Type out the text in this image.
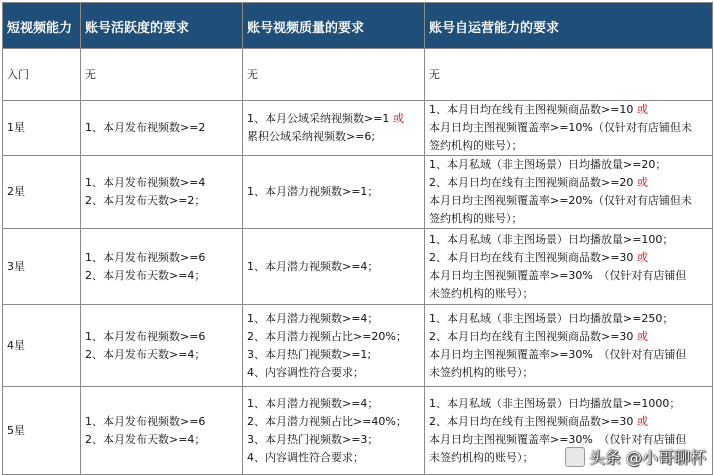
短视频能力	账号活跃度的要求	账号视频质量的要求	账号自运营能力的要求
入门	无	无	无

1星	1、本月发布视频数>=2	1、本月公域采纳视频数>=1 或
累积公域采纳视频数>=6;	1、本月日均在线有主图视频商品数>=10 或
本月日均主图视频覆盖率>=10%（仅针对有店铺但未
签约机构的账号）；

2星	1、本月发布视频数>=4
2、本月发布天数>=2；	1、本月潜力视频数>=1；	1、本月私域（非主图场景）日均播放量>=20；
2、本月日均在线有主图视频商品数>=20 或
本月日均主图视频覆盖率>=20%（仅针对有店铺但未
签约机构的账号）；

3星	1、本月发布视频数>=6
2、本月发布天数>=4；	1、本月潜力视频数>=4；	1、本月私域（非主图场景）日均播放量>=100；
2、本月日均在线有主图视频商品数>=30 或
本月日均主图视频覆盖率>=30%　（仅针对有店铺但
未签约机构的账号）；

4星	1、本月发布视频数>=6
2、本月发布天数>=4；	1、本月潜力视频数>=4；
2、本月潜力视频占比>=20%；
3、本月热门视频数>=1;
4、内容调性符合要求；	1、本月私域（非主图场景）日均播放量>=250；
2、本月日均在线有主图视频商品数>=30 或
本月日均主图视频覆盖率>=30%　（仅针对有店铺但
未签约机构的账号）；

5星	1、本月发布视频数>=6
2、本月发布天数>=4；	1、本月潜力视频数>=4；
2、本月潜力视频占比>=40%；
3、本月热门视频数>=3；
4、内容调性符合要求；	1、本月私域（非主图场景）日均播放量>=1000；
2、本月日均在线有主图视频商品数>=30 或
本月日均主图视频覆盖率>=30%　（仅针对有店铺但
未签约机构的账号）；	头条 @小哥聊杯
